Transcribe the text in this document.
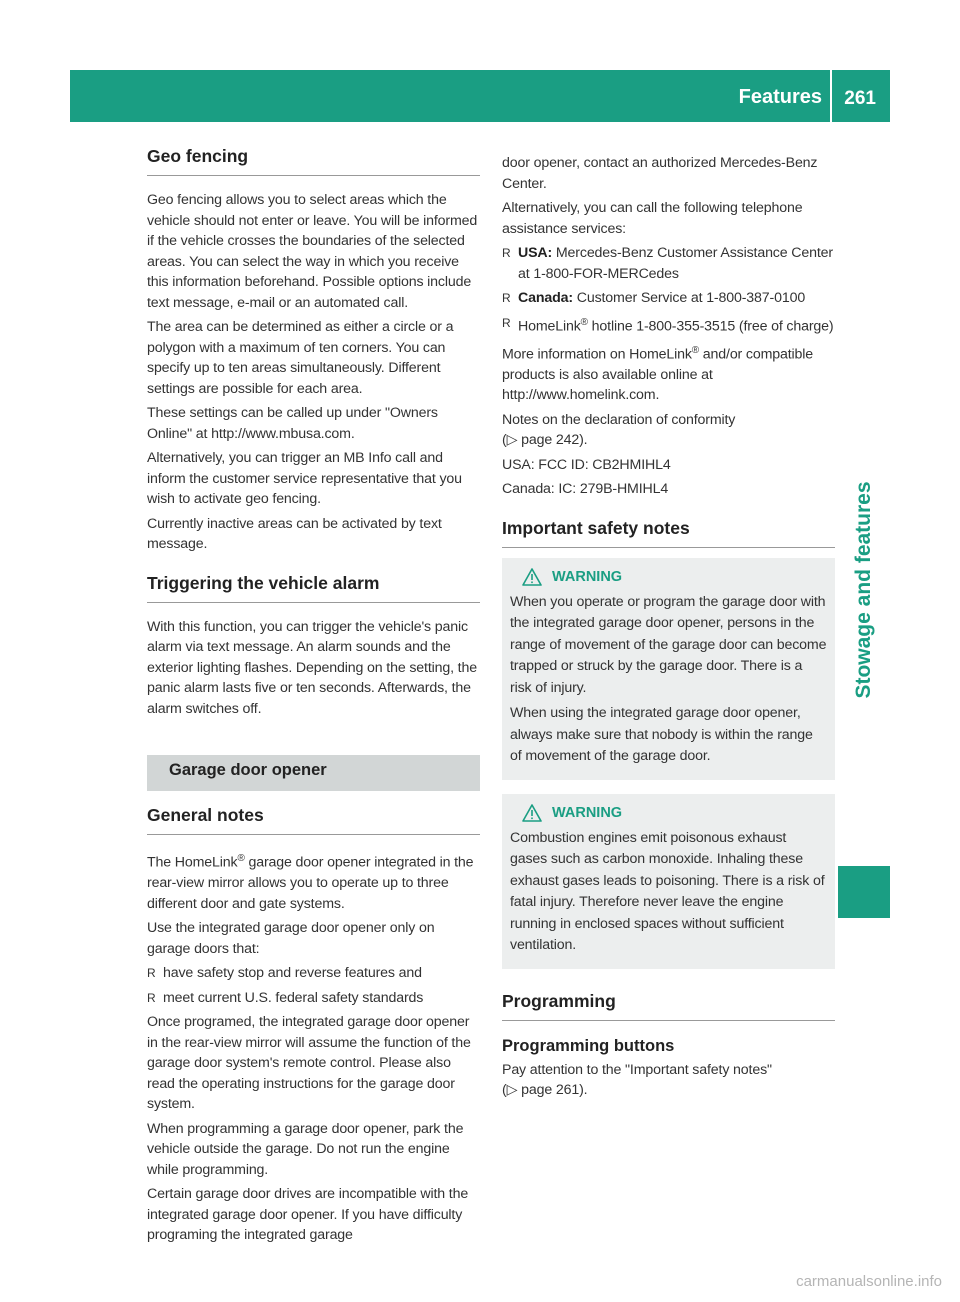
Features 261
Stowage and features
Geo fencing

Geo fencing allows you to select areas which the vehicle should not enter or leave. You will be informed if the vehicle crosses the boundaries of the selected areas. You can select the way in which you receive this information beforehand. Possible options include text message, e-mail or an automated call.

The area can be determined as either a circle or a polygon with a maximum of ten corners. You can specify up to ten areas simultaneously. Different settings are possible for each area.

These settings can be called up under "Owners Online" at http://www.mbusa.com.

Alternatively, you can trigger an MB Info call and inform the customer service representative that you wish to activate geo fencing.

Currently inactive areas can be activated by text message.

Triggering the vehicle alarm

With this function, you can trigger the vehicle's panic alarm via text message. An alarm sounds and the exterior lighting flashes. Depending on the setting, the panic alarm lasts five or ten seconds. Afterwards, the alarm switches off.

Garage door opener
General notes

The HomeLink® garage door opener integrated in the rear-view mirror allows you to operate up to three different door and gate systems.

Use the integrated garage door opener only on garage doors that:

R have safety stop and reverse features and
R meet current U.S. federal safety standards

Once programed, the integrated garage door opener in the rear-view mirror will assume the function of the garage door system's remote control. Please also read the operating instructions for the garage door system.

When programming a garage door opener, park the vehicle outside the garage. Do not run the engine while programming.

Certain garage door drives are incompatible with the integrated garage door opener. If you have difficulty programing the integrated garage

door opener, contact an authorized Mercedes-Benz Center.

Alternatively, you can call the following telephone assistance services:

R USA: Mercedes-Benz Customer Assistance Center at 1-800-FOR-MERCedes
R Canada: Customer Service at 1-800-387-0100
R HomeLink® hotline 1-800-355-3515 (free of charge)

More information on HomeLink® and/or compatible products is also available online at http://www.homelink.com.

Notes on the declaration of conformity
(▷ page 242).

USA: FCC ID: CB2HMIHL4

Canada: IC: 279B-HMIHL4

Important safety notes
WARNING

When you operate or program the garage door with the integrated garage door opener, persons in the range of movement of the garage door can become trapped or struck by the garage door. There is a risk of injury.

When using the integrated garage door opener, always make sure that nobody is within the range of movement of the garage door.

WARNING

Combustion engines emit poisonous exhaust gases such as carbon monoxide. Inhaling these exhaust gases leads to poisoning. There is a risk of fatal injury. Therefore never leave the engine running in enclosed spaces without sufficient ventilation.

Programming
Programming buttons

Pay attention to the "Important safety notes"
(▷ page 261).

carmanualsonline.info
